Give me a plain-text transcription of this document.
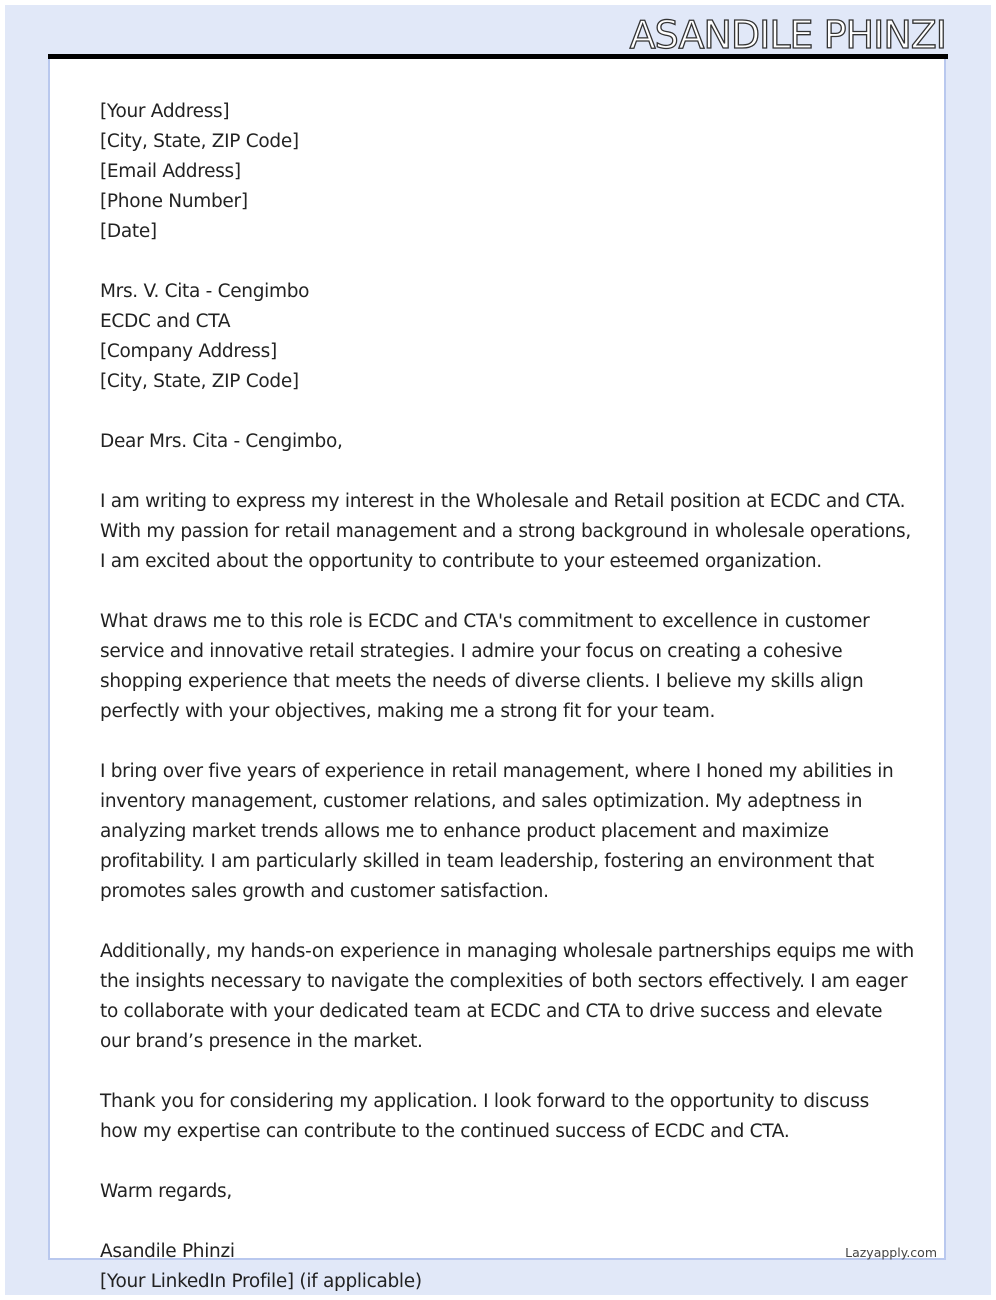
ASANDILE PHINZI
[Your Address]
[City, State, ZIP Code]
[Email Address]
[Phone Number]
[Date]
Mrs. V. Cita - Cengimbo
ECDC and CTA
[Company Address]
[City, State, ZIP Code]
Dear Mrs. Cita - Cengimbo,
I am writing to express my interest in the Wholesale and Retail position at ECDC and CTA.
With my passion for retail management and a strong background in wholesale operations,
I am excited about the opportunity to contribute to your esteemed organization.
What draws me to this role is ECDC and CTA's commitment to excellence in customer
service and innovative retail strategies. I admire your focus on creating a cohesive
shopping experience that meets the needs of diverse clients. I believe my skills align
perfectly with your objectives, making me a strong fit for your team.
I bring over five years of experience in retail management, where I honed my abilities in
inventory management, customer relations, and sales optimization. My adeptness in
analyzing market trends allows me to enhance product placement and maximize
profitability. I am particularly skilled in team leadership, fostering an environment that
promotes sales growth and customer satisfaction.
Additionally, my hands-on experience in managing wholesale partnerships equips me with
the insights necessary to navigate the complexities of both sectors effectively. I am eager
to collaborate with your dedicated team at ECDC and CTA to drive success and elevate
our brand’s presence in the market.
Thank you for considering my application. I look forward to the opportunity to discuss
how my expertise can contribute to the continued success of ECDC and CTA.
Warm regards,
Asandile Phinzi
[Your LinkedIn Profile] (if applicable)
Lazyapply.com
